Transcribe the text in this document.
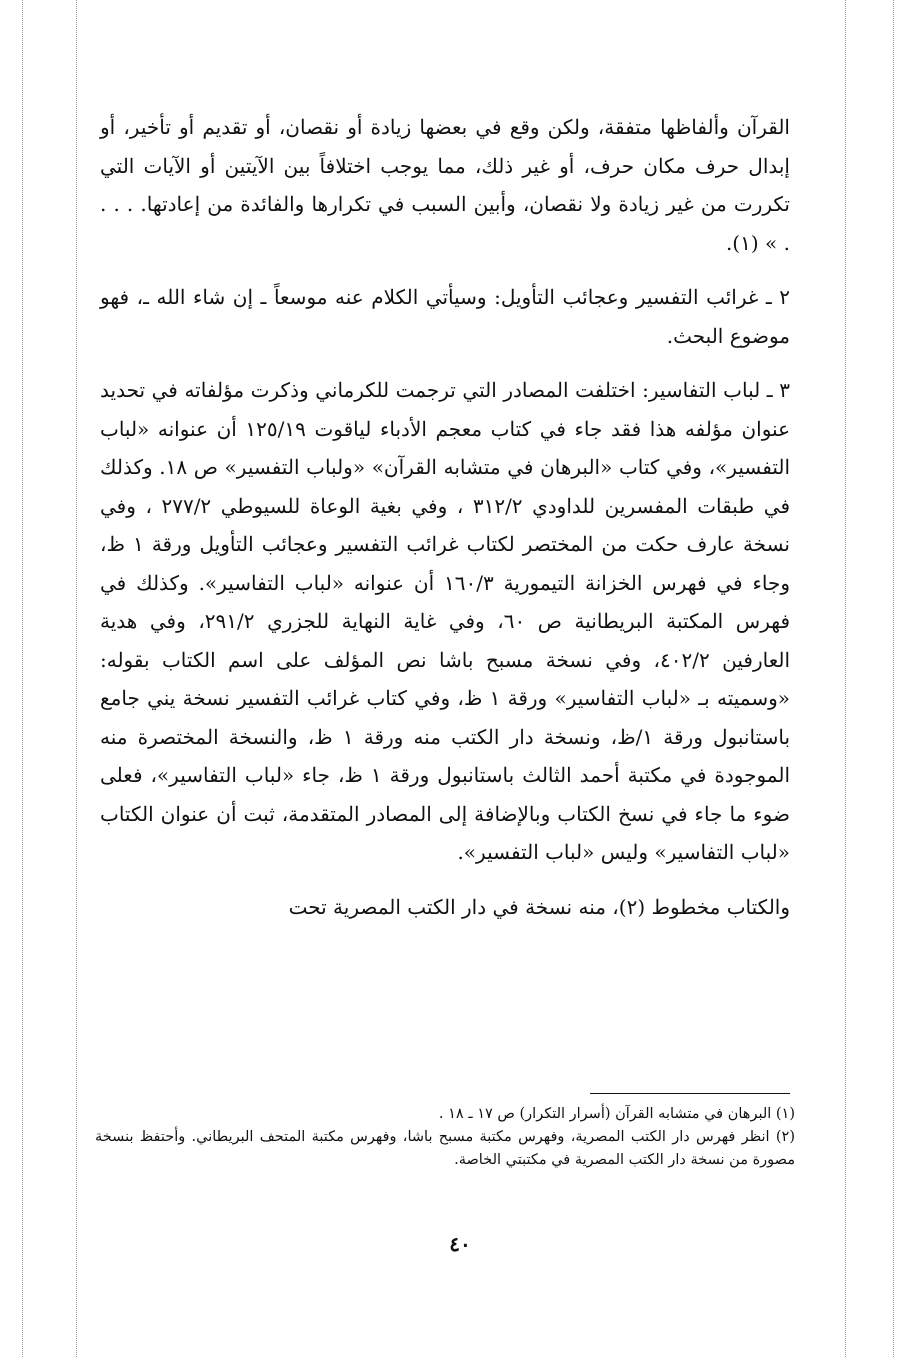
القرآن وألفاظها متفقة، ولكن وقع في بعضها زيادة أو نقصان، أو تقديم أو تأخير، أو إبدال حرف مكان حرف، أو غير ذلك، مما يوجب اختلافاً بين الآيتين أو الآيات التي تكررت من غير زيادة ولا نقصان، وأبين السبب في تكرارها والفائدة من إعادتها. . . . . » (١).

٢ ـ غرائب التفسير وعجائب التأويل: وسيأتي الكلام عنه موسعاً ـ إن شاء الله ـ، فهو موضوع البحث.

٣ ـ لباب التفاسير: اختلفت المصادر التي ترجمت للكرماني وذكرت مؤلفاته في تحديد عنوان مؤلفه هذا فقد جاء في كتاب معجم الأدباء لياقوت ١٢٥/١٩ أن عنوانه «لباب التفسير»، وفي كتاب «البرهان في متشابه القرآن» «ولباب التفسير» ص ١٨. وكذلك في طبقات المفسرين للداودي ٣١٢/٢ ، وفي بغية الوعاة للسيوطي ٢٧٧/٢ ، وفي نسخة عارف حكت من المختصر لكتاب غرائب التفسير وعجائب التأويل ورقة ١ ظ، وجاء في فهرس الخزانة التيمورية ١٦٠/٣ أن عنوانه «لباب التفاسير». وكذلك في فهرس المكتبة البريطانية ص ٦٠، وفي غاية النهاية للجزري ٢٩١/٢، وفي هدية العارفين ٤٠٢/٢، وفي نسخة مسبح باشا نص المؤلف على اسم الكتاب بقوله: «وسميته بـ «لباب التفاسير» ورقة ١ ظ، وفي كتاب غرائب التفسير نسخة يني جامع باستانبول ورقة ١/ظ، ونسخة دار الكتب منه ورقة ١ ظ، والنسخة المختصرة منه الموجودة في مكتبة أحمد الثالث باستانبول ورقة ١ ظ، جاء «لباب التفاسير»، فعلى ضوء ما جاء في نسخ الكتاب وبالإضافة إلى المصادر المتقدمة، ثبت أن عنوان الكتاب «لباب التفاسير» وليس «لباب التفسير».

والكتاب مخطوط (٢)، منه نسخة في دار الكتب المصرية تحت

(١) البرهان في متشابه القرآن (أسرار التكرار) ص ١٧ ـ ١٨ .

(٢) انظر فهرس دار الكتب المصرية، وفهرس مكتبة مسبح باشا، وفهرس مكتبة المتحف البريطاني. وأحتفظ بنسخة مصورة من نسخة دار الكتب المصرية في مكتبتي الخاصة.

٤٠
